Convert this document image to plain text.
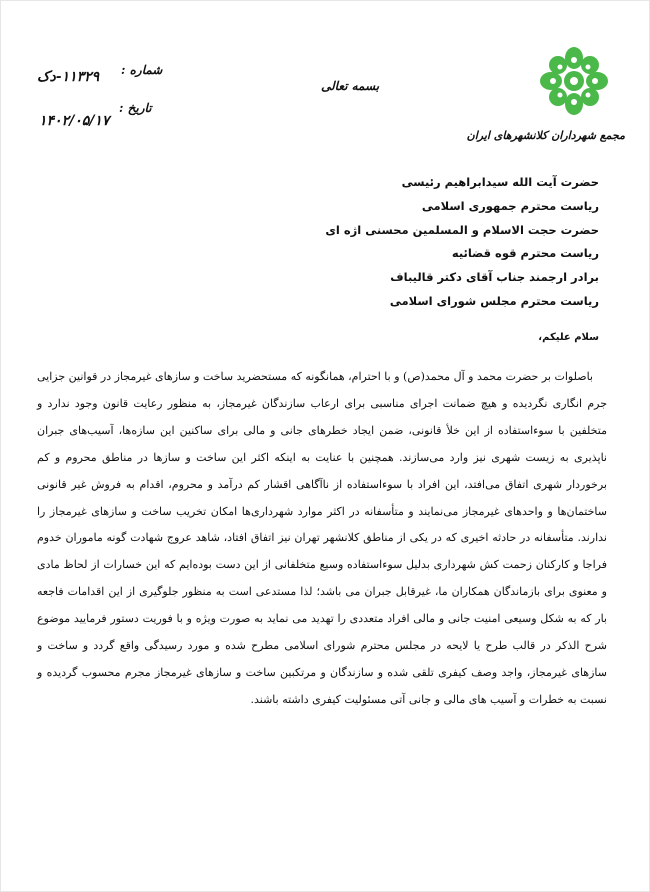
مجمع شهرداران کلانشهرهای ایران
بسمه تعالی
شماره :
۱۱۳۲۹-دک
تاریخ :
۱۴۰۲/۰۵/۱۷
حضرت آیت الله سیدابراهیم رئیسی
ریاست محترم جمهوری اسلامی
حضرت حجت الاسلام و المسلمین محسنی اژه ای
ریاست محترم قوه قضائیه
برادر ارجمند جناب آقای دکتر قالیباف
ریاست محترم مجلس شورای اسلامی
سلام علیکم،

باصلوات بر حضرت محمد و آل محمد(ص) و با احترام، همانگونه که مستحضرید ساخت و سازهای غیرمجاز در قوانین جزایی جرم انگاری نگردیده و هیچ ضمانت اجرای مناسبی برای ارعاب سازندگان غیرمجاز، به منظور رعایت قانون وجود ندارد و متخلفین با سوءاستفاده از این خلأ قانونی، ضمن ایجاد خطرهای جانی و مالی برای ساکنین این سازه‌ها، آسیب‌های جبران ناپذیری به زیست شهری نیز وارد می‌سازند. همچنین با عنایت به اینکه اکثر این ساخت و سازها در مناطق محروم و کم برخوردار شهری اتفاق می‌افتد، این افراد با سوءاستفاده از ناآگاهی اقشار کم درآمد و محروم، اقدام به فروش غیر قانونی ساختمان‌ها و واحدهای غیرمجاز می‌نمایند و متأسفانه در اکثر موارد شهرداری‌ها امکان تخریب ساخت و سازهای غیرمجاز را ندارند. متأسفانه در حادثه اخیری که در یکی از مناطق کلانشهر تهران نیز اتفاق افتاد، شاهد عروج شهادت گونه ماموران خدوم فراجا و کارکنان زحمت کش شهرداری بدلیل سوءاستفاده وسیع متخلفانی از این دست بوده‌ایم که این خسارات از لحاظ مادی و معنوی برای بازماندگان همکاران ما، غیرقابل جبران می باشد؛ لذا مستدعی است به منظور جلوگیری از این اقدامات فاجعه بار که به شکل وسیعی امنیت جانی و مالی افراد متعددی را تهدید می نماید به صورت ویژه و با فوریت دستور فرمایید موضوع شرح الذکر در قالب طرح یا لایحه در مجلس محترم شورای اسلامی مطرح شده و مورد رسیدگی واقع گردد و ساخت و سازهای غیرمجاز، واجد وصف کیفری تلقی شده و سازندگان و مرتکبین ساخت و سازهای غیرمجاز مجرم محسوب گردیده و نسبت به خطرات و آسیب های مالی و جانی آتی مسئولیت کیفری داشته باشند.
